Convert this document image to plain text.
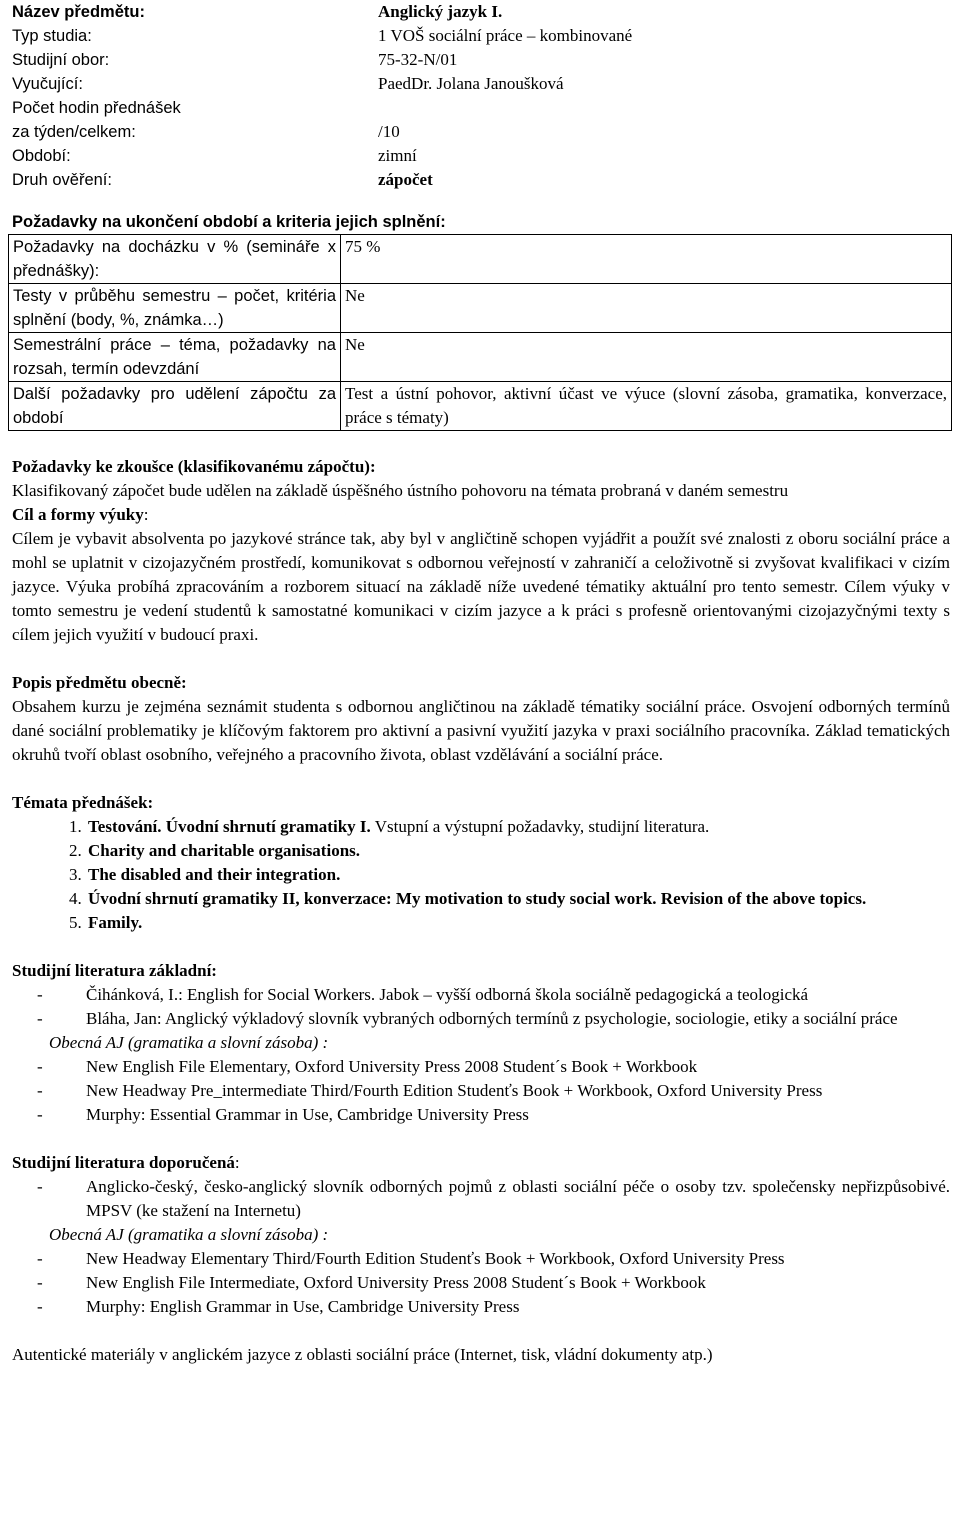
Název předmětu:	Anglický jazyk I.
Typ studia:	1 VOŠ sociální práce – kombinované
Studijní obor:	75-32-N/01
Vyučující:	PaedDr. Jolana Janoušková
Počet hodin přednášek
za týden/celkem:	/10
Období:	zimní
Druh ověření:	zápočet
Požadavky na ukončení období a kriteria jejich splnění:
Požadavky na docházku v % (semináře x přednášky):	75 %
Testy v průběhu semestru – počet, kritéria splnění (body, %, známka…)	Ne
Semestrální práce – téma, požadavky na rozsah, termín odevzdání	Ne
Další požadavky pro udělení zápočtu za období	Test a ústní pohovor, aktivní účast ve výuce (slovní zásoba, gramatika, konverzace, práce s tématy)
Požadavky ke zkoušce (klasifikovanému zápočtu):
Klasifikovaný zápočet bude udělen na základě úspěšného ústního pohovoru na témata probraná v daném semestru
Cíl a formy výuky:
Cílem je vybavit absolventa po jazykové stránce tak, aby byl v angličtině schopen vyjádřit a použít své znalosti z oboru sociální práce a mohl se uplatnit v cizojazyčném prostředí, komunikovat s odbornou veřejností v zahraničí a celoživotně si zvyšovat kvalifikaci v cizím jazyce. Výuka probíhá zpracováním a rozborem situací na základě níže uvedené tématiky aktuální pro tento semestr. Cílem výuky v tomto semestru je vedení studentů k samostatné komunikaci v cizím jazyce a k práci s profesně orientovanými cizojazyčnými texty s cílem jejich využití v budoucí praxi.
Popis předmětu obecně:
Obsahem kurzu je zejména seznámit studenta s odbornou angličtinou na základě tématiky sociální práce. Osvojení odborných termínů dané sociální problematiky je klíčovým faktorem pro aktivní a pasivní využití jazyka v praxi sociálního pracovníka. Základ tematických okruhů tvoří oblast osobního, veřejného a pracovního života, oblast vzdělávání a sociální práce.
Témata přednášek:
1. Testování. Úvodní shrnutí gramatiky I. Vstupní a výstupní požadavky, studijní literatura.
2. Charity and charitable organisations.
3. The disabled and their integration.
4. Úvodní shrnutí gramatiky II, konverzace: My motivation to study social work. Revision of the above topics.
5. Family.
Studijní literatura základní:
- Čihánková, I.: English for Social Workers. Jabok – vyšší odborná škola sociálně pedagogická a teologická
- Bláha, Jan: Anglický výkladový slovník vybraných odborných termínů z psychologie, sociologie, etiky a sociální práce
Obecná AJ (gramatika a slovní zásoba) :
- New English File Elementary, Oxford University Press 2008 Student´s Book + Workbook
- New Headway Pre_intermediate Third/Fourth Edition Studenťs Book + Workbook, Oxford University Press
- Murphy: Essential Grammar in Use, Cambridge University Press
Studijní literatura doporučená:
- Anglicko-český, česko-anglický slovník odborných pojmů z oblasti sociální péče o osoby tzv. společensky nepřizpůsobivé. MPSV (ke stažení na Internetu)
Obecná AJ (gramatika a slovní zásoba) :
- New Headway Elementary Third/Fourth Edition Studenťs Book + Workbook, Oxford University Press
- New English File Intermediate, Oxford University Press 2008 Student´s Book + Workbook
- Murphy: English Grammar in Use, Cambridge University Press
Autentické materiály v anglickém jazyce z oblasti sociální práce (Internet, tisk, vládní dokumenty atp.)
